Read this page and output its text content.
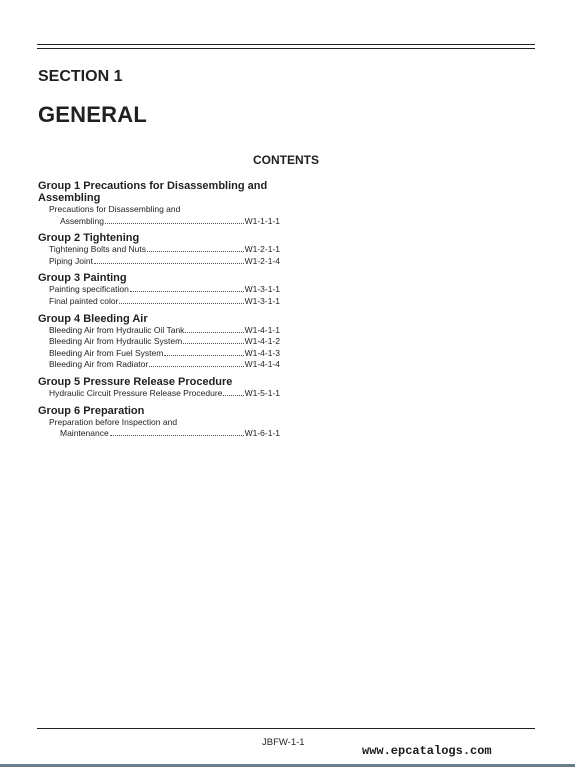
SECTION 1
GENERAL
CONTENTS
Group 1 Precautions for Disassembling and Assembling
Precautions for Disassembling and
Assembling	W1-1-1-1
Group 2 Tightening
Tightening Bolts and Nuts	W1-2-1-1
Piping Joint	W1-2-1-4
Group 3 Painting
Painting specification	W1-3-1-1
Final painted color	W1-3-1-1
Group 4 Bleeding Air
Bleeding Air from Hydraulic Oil Tank	W1-4-1-1
Bleeding Air from Hydraulic System	W1-4-1-2
Bleeding Air from Fuel System	W1-4-1-3
Bleeding Air from Radiator	W1-4-1-4
Group 5 Pressure Release Procedure
Hydraulic Circuit Pressure Release Procedure	W1-5-1-1
Group 6 Preparation
Preparation before Inspection and
Maintenance	W1-6-1-1
JBFW-1-1
www.epcatalogs.com
